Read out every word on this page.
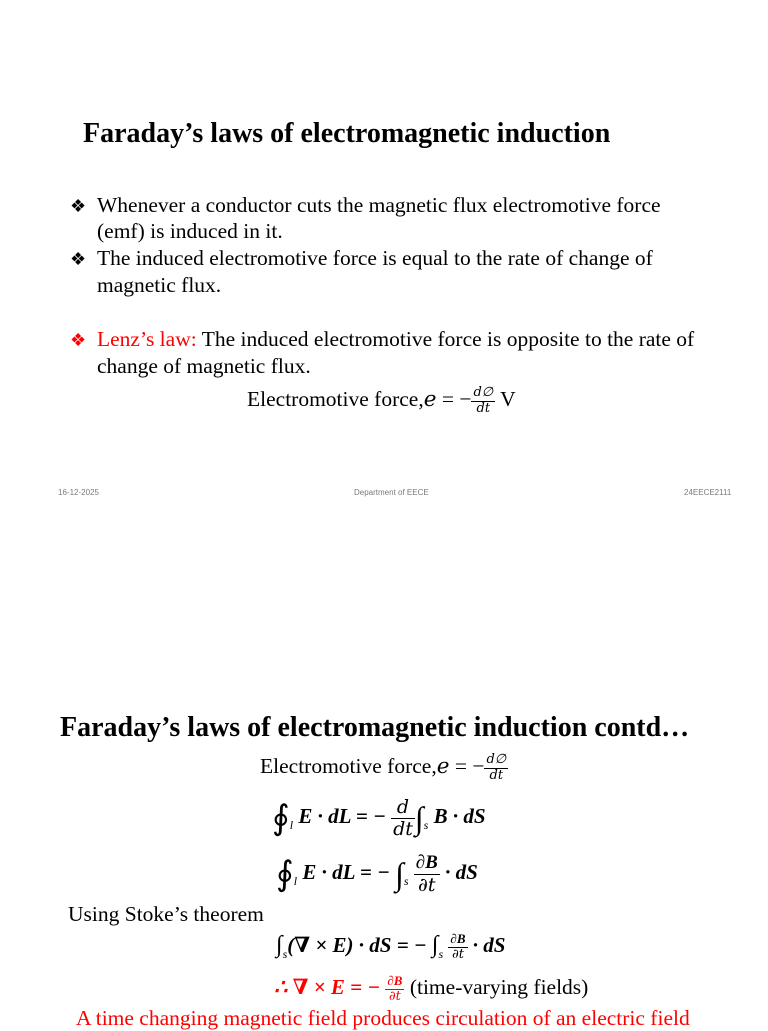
Faraday’s laws of electromagnetic induction
❖ Whenever a conductor cuts the magnetic flux electromotive force
(emf) is induced in it.
❖ The induced electromotive force is equal to the rate of change of
magnetic flux.
❖ Lenz’s law: The induced electromotive force is opposite to the rate of
change of magnetic flux.
Electromotive force,e = − $\frac{d\emptyset}{dt}$ V
16-12-2025	Department of EECE	24EECE2111
Faraday’s laws of electromagnetic induction contd…
Electromotive force,e = − $\frac{d\emptyset}{dt}$
$∮_l$ E · dL = − $\frac{d}{dt} \int_s$ B · dS
$∮_l$ E · dL = − $\int_s \frac{\partial B}{\partial t}$ · dS
Using Stoke’s theorem
$\int_s(\nabla \times E)$ · dS = − $\int_s \frac{\partial B}{\partial t}$ · dS
∴ ∇ × E = − $\frac{\partial B}{\partial t}$ (time-varying fields)
A time changing magnetic field produces circulation of an electric field
